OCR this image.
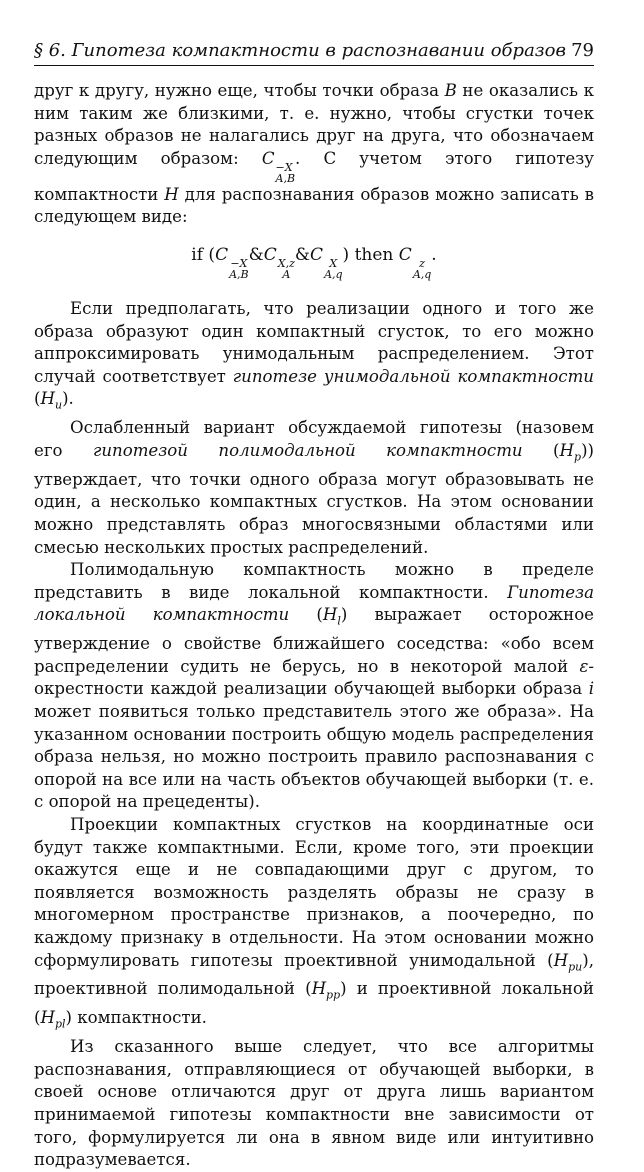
§ 6. Гипотеза компактности в распознавании образов 79

друг к другу, нужно еще, чтобы точки образа B не оказались к ним таким же близкими, т. е. нужно, чтобы сгустки точек разных образов не налагались друг на друга, что обозначаем следующим образом: C −X
A,B
. С учетом этого гипотезу компактности H для распознавания образов можно записать в следующем виде:

if (C −X
A,B
&C X,z
A
&C X
A,q
) then C z
A,q
.

Если предполагать, что реализации одного и того же образа образуют один компактный сгусток, то его можно аппроксимировать унимодальным распределением. Этот случай соответствует гипотезе унимодальной компактности $(H_u)$.

Ослабленный вариант обсуждаемой гипотезы (назовем его гипотезой полимодальной компактности $(H_p)$) утверждает, что точки одного образа могут образовывать не один, а несколько компактных сгустков. На этом основании можно представлять образ многосвязными областями или смесью нескольких простых распределений.

Полимодальную компактность можно в пределе представить в виде локальной компактности. Гипотеза локальной компактности $(H_l)$ выражает осторожное утверждение о свойстве ближайшего соседства: «обо всем распределении судить не берусь, но в некоторой малой ε-окрестности каждой реализации обучающей выборки образа i может появиться только представитель этого же образа». На указанном основании построить общую модель распределения образа нельзя, но можно построить правило распознавания с опорой на все или на часть объектов обучающей выборки (т. е. с опорой на прецеденты).

Проекции компактных сгустков на координатные оси будут также компактными. Если, кроме того, эти проекции окажутся еще и не совпадающими друг с другом, то появляется возможность разделять образы не сразу в многомерном пространстве признаков, а поочередно, по каждому признаку в отдельности. На этом основании можно сформулировать гипотезы проективной унимодальной $(H_{pu})$, проективной полимодальной $(H_{pp})$ и проективной локальной $(H_{pl})$ компактности.

Из сказанного выше следует, что все алгоритмы распознавания, отправляющиеся от обучающей выборки, в своей основе отличаются друг от друга лишь вариантом принимаемой гипотезы компактности вне зависимости от того, формулируется ли она в явном виде или интуитивно подразумевается.
